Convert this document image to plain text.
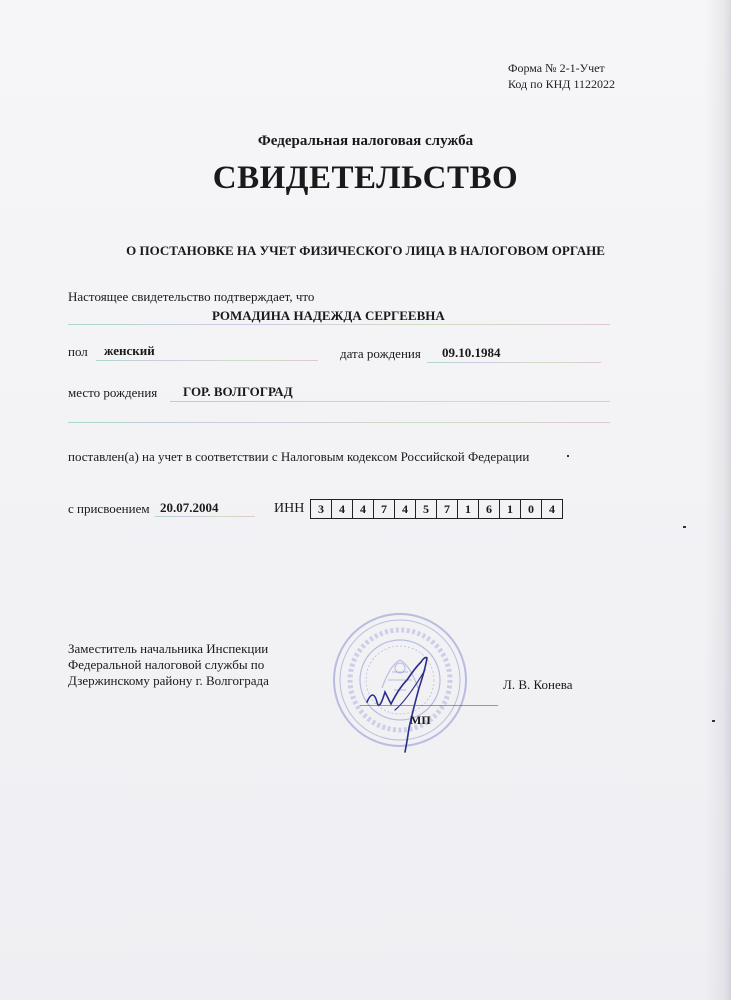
Форма № 2-1-Учет
Код по КНД 1122022
Федеральная налоговая служба
СВИДЕТЕЛЬСТВО
О ПОСТАНОВКЕ НА УЧЕТ ФИЗИЧЕСКОГО ЛИЦА В НАЛОГОВОМ ОРГАНЕ
Настоящее свидетельство подтверждает, что
РОМАДИНА НАДЕЖДА СЕРГЕЕВНА
пол женский	дата рождения 09.10.1984
место рождения ГОР. ВОЛГОГРАД
поставлен(а) на учет в соответствии с Налоговым кодексом Российской Федерации
с присвоением 20.07.2004	ИНН	3	4	4	7	4	5	7	1	6	1	0	4
Заместитель начальника Инспекции
Федеральной налоговой службы по
Дзержинскому району г. Волгограда	Л. В. Конева
МП
